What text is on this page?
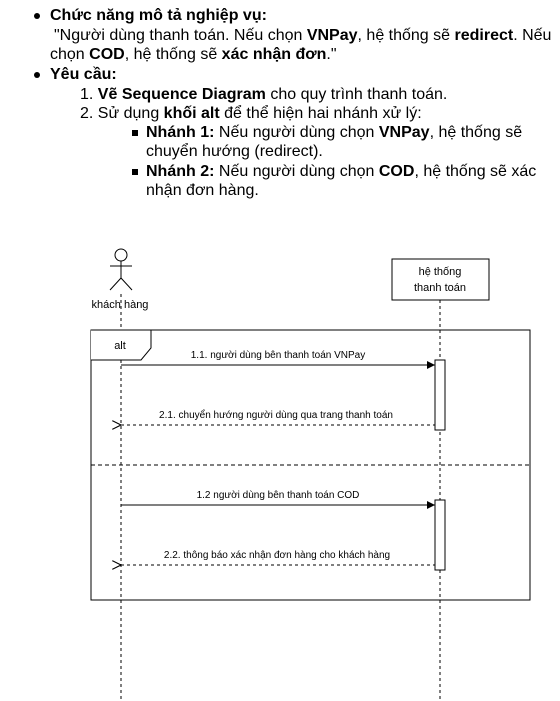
Chức năng mô tả nghiệp vụ:
"Người dùng thanh toán. Nếu chọn VNPay, hệ thống sẽ redirect. Nếu
chọn COD, hệ thống sẽ xác nhận đơn."
Yêu cầu:
1. Vẽ Sequence Diagram cho quy trình thanh toán.
2. Sử dụng khối alt để thể hiện hai nhánh xử lý:
Nhánh 1: Nếu người dùng chọn VNPay, hệ thống sẽ
chuyển hướng (redirect).
Nhánh 2: Nếu người dùng chọn COD, hệ thống sẽ xác
nhận đơn hàng.
khách hàng
hệ thống
thanh toán
alt
1.1. người dùng bên thanh toán VNPay
2.1. chuyển hướng người dùng qua trang thanh toán
1.2 người dùng bên thanh toán COD
2.2. thông báo xác nhận đơn hàng cho khách hàng
